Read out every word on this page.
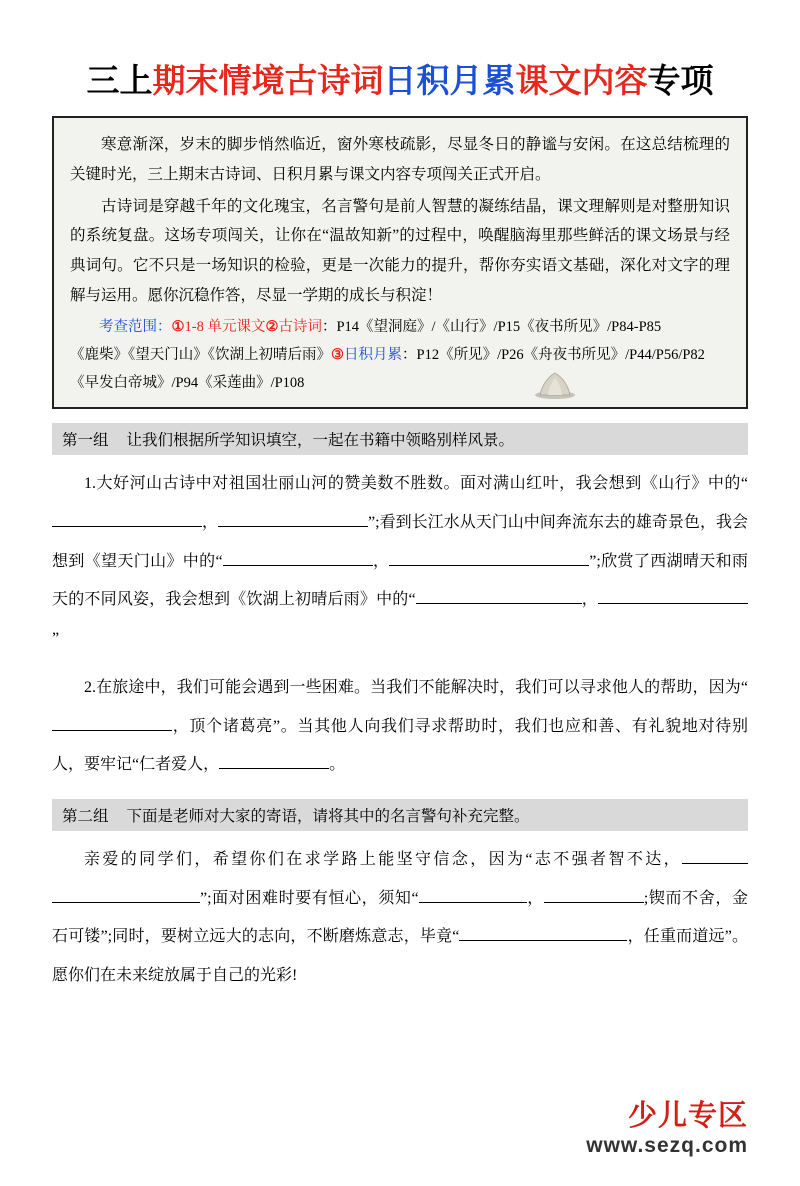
三上期末情境古诗词日积月累课文内容专项

寒意渐深，岁末的脚步悄然临近，窗外寒枝疏影，尽显冬日的静谧与安闲。在这总结梳理的关键时光，三上期末古诗词、日积月累与课文内容专项闯关正式开启。

古诗词是穿越千年的文化瑰宝，名言警句是前人智慧的凝练结晶，课文理解则是对整册知识的系统复盘。这场专项闯关，让你在“温故知新”的过程中，唤醒脑海里那些鲜活的课文场景与经典词句。它不只是一场知识的检验，更是一次能力的提升，帮你夯实语文基础，深化对文字的理解与运用。愿你沉稳作答，尽显一学期的成长与积淀！

考查范围：①1-8 单元课文②古诗词：P14《望洞庭》/《山行》/P15《夜书所见》/P84-P85
《鹿柴》《望天门山》《饮湖上初晴后雨》③日积月累：P12《所见》/P26《舟夜书所见》/P44/P56/P82
《早发白帝城》/P94《采莲曲》/P108
第一组 让我们根据所学知识填空，一起在书籍中领略别样风景。
1.大好河山古诗中对祖国壮丽山河的赞美数不胜数。面对满山红叶，我会想到《山行》中的“，	”;看到长江水从天门山中间奔流东去的雄奇景色，我会想到《望天门山》中的“	，	”;欣赏了西湖晴天和雨天的不同风姿，我会想到《饮湖上初晴后雨》中的“	，”
2.在旅途中，我们可能会遇到一些困难。当我们不能解决时，我们可以寻求他人的帮助，因为“，顶个诸葛亮”。当其他人向我们寻求帮助时，我们也应和善、有礼貌地对待别人，要牢记“仁者爱人，	。
第二组 下面是老师对大家的寄语，请将其中的名言警句补充完整。
亲爱的同学们，希望你们在求学路上能坚守信念，因为“志不强者智不达，”;面对困难时要有恒心，须知“	，	;锲而不舍，金石可镂”;同时，要树立远大的志向，不断磨炼意志，毕竟“	，任重而道远”。愿你们在未来绽放属于自己的光彩!
少儿专区
www.sezq.com
